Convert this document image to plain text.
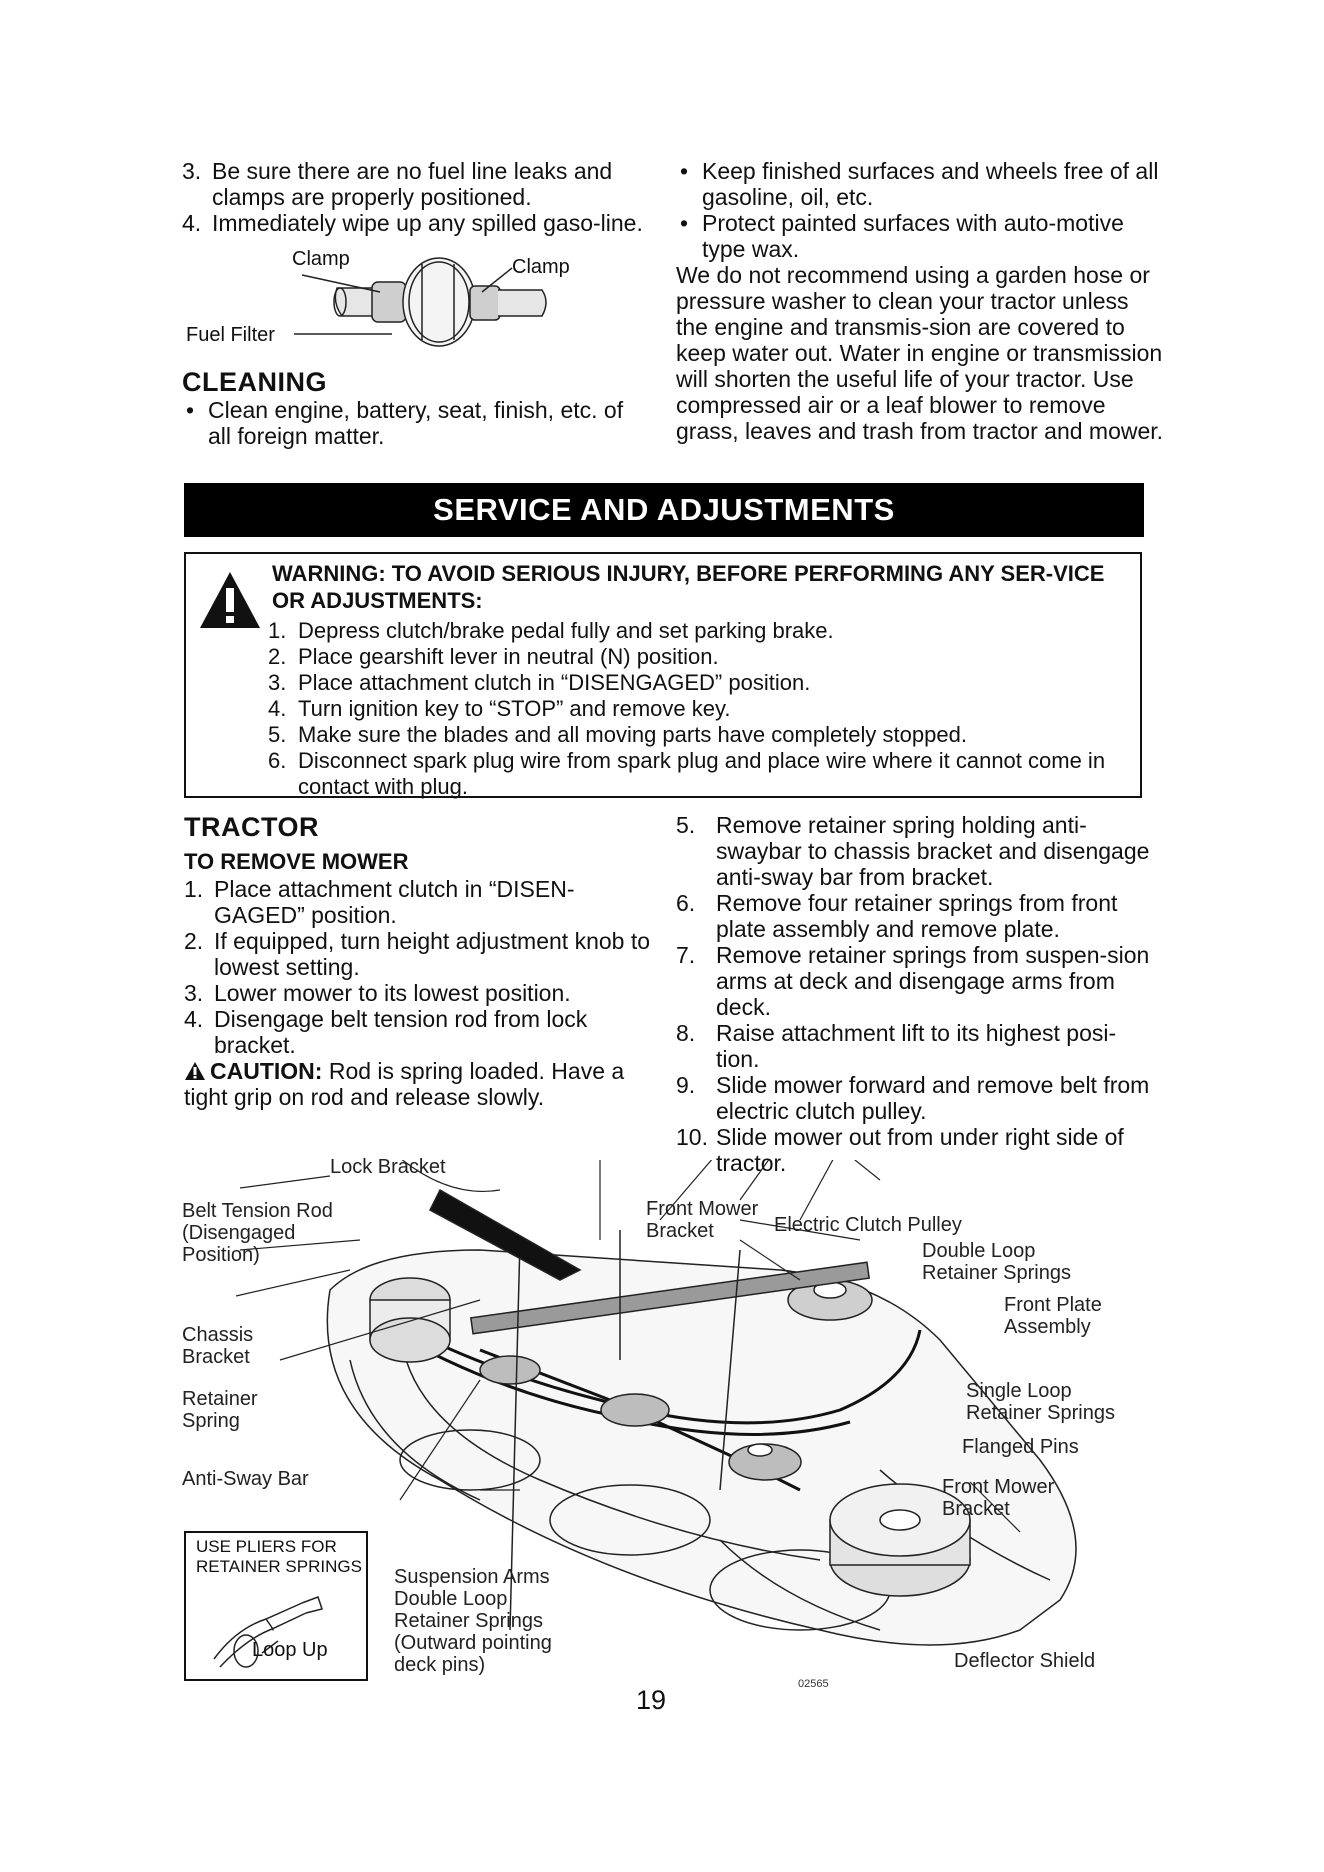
3. Be sure there are no fuel line leaks and clamps are properly positioned.
4. Immediately wipe up any spilled gaso-line.
Clamp	Clamp
Fuel Filter
CLEANING
• Clean engine, battery, seat, finish, etc. of all foreign matter.
• Keep finished surfaces and wheels free of all gasoline, oil, etc.
• Protect painted surfaces with auto-motive type wax.
We do not recommend using a garden hose or pressure washer to clean your tractor unless the engine and transmis-sion are covered to keep water out. Water in engine or transmission will shorten the useful life of your tractor. Use compressed air or a leaf blower to remove grass, leaves and trash from tractor and mower.
SERVICE AND ADJUSTMENTS
WARNING: TO AVOID SERIOUS INJURY, BEFORE PERFORMING ANY SER-VICE OR ADJUSTMENTS:
1. Depress clutch/brake pedal fully and set parking brake.
2. Place gearshift lever in neutral (N) position.
3. Place attachment clutch in “DISENGAGED” position.
4. Turn ignition key to “STOP” and remove key.
5. Make sure the blades and all moving parts have completely stopped.
6. Disconnect spark plug wire from spark plug and place wire where it cannot come in contact with plug.
TRACTOR
TO REMOVE MOWER
1. Place attachment clutch in “DISEN-GAGED” position.
2. If equipped, turn height adjustment knob to lowest setting.
3. Lower mower to its lowest position.
4. Disengage belt tension rod from lock bracket.
CAUTION: Rod is spring loaded. Have a tight grip on rod and release slowly.
5. Remove retainer spring holding anti-swaybar to chassis bracket and disengage anti-sway bar from bracket.
6. Remove four retainer springs from front plate assembly and remove plate.
7. Remove retainer springs from suspen-sion arms at deck and disengage arms from deck.
8. Raise attachment lift to its highest posi-tion.
9. Slide mower forward and remove belt from electric clutch pulley.
10. Slide mower out from under right side of tractor.
Lock Bracket
Belt Tension Rod
(Disengaged
Position)
Chassis
Bracket
Retainer
Spring
Anti-Sway Bar
Front Mower
Bracket	Electric Clutch Pulley
Double Loop
Retainer Springs
Front Plate
Assembly
Single Loop
Retainer Springs
Flanged Pins
Front Mower
Bracket
Suspension Arms
Double Loop
Retainer Springs
(Outward pointing
deck pins)	Deflector Shield
USE PLIERS FOR
RETAINER SPRINGS
Loop Up
19
02565
